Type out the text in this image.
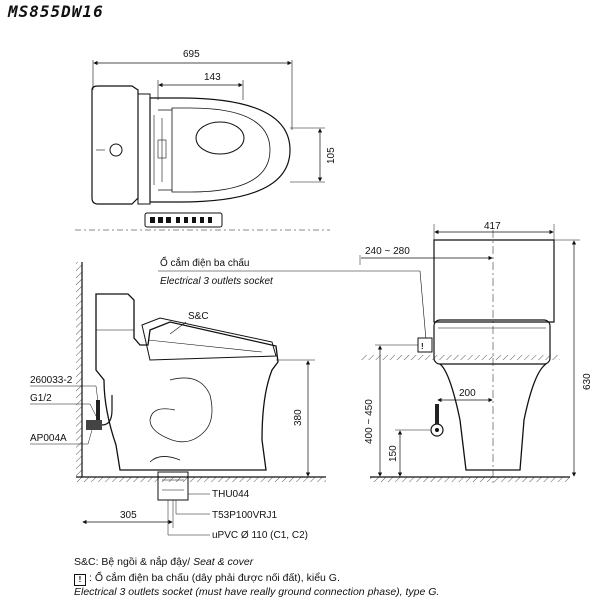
MS855DW16
695
143
105
S&C
Ổ cắm điện ba chấu
Electrical 3 outlets socket
260033-2
G1/2
AP004A
THU044
T53P100VRJ1
uPVC Ø 110 (C1, C2)
380
305
!
417
240 ~ 280
630
400 ~ 450
200
150
S&C: Bệ ngồi & nắp đậy/ Seat & cover
! : Ổ cắm điện ba chấu (dây phải được nối đất), kiểu G.
Electrical 3 outlets socket (must have really ground connection phase), type G.
